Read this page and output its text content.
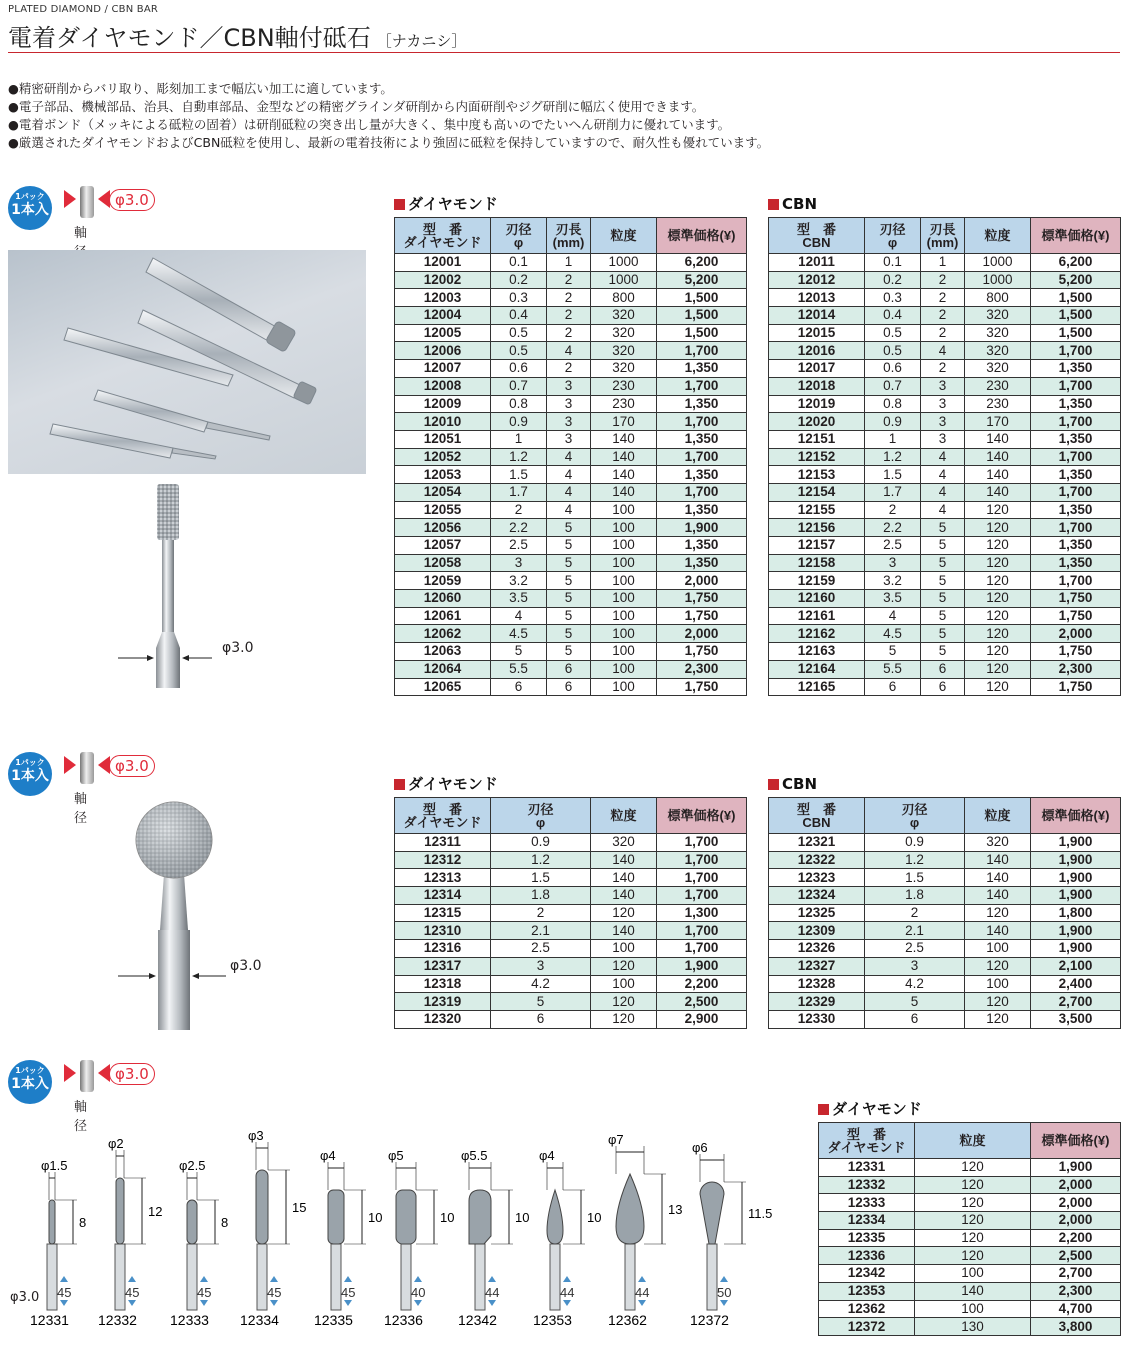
PLATED DIAMOND / CBN BAR
電着ダイヤモンド／CBN軸付砥石 ［ナカニシ］
●精密研削からバリ取り、彫刻加工まで幅広い加工に適しています。
●電子部品、機械部品、治具、自動車部品、金型などの精密グラインダ研削から内面研削やジグ研削に幅広く使用できます。
●電着ボンド（メッキによる砥粒の固着）は研削砥粒の突き出し量が大きく、集中度も高いのでたいへん研削力に優れています。
●厳選されたダイヤモンドおよびCBN砥粒を使用し、最新の電着技術により強固に砥粒を保持していますので、耐久性も優れています。
1パック
1本入
φ3.0
軸
1パック
1本入
φ3.0
軸径
1パック
1本入
φ3.0
軸径
φ3.0
φ3.0
ダイヤモンド
型　番
ダイヤモンド	刃径
φ	刃長
(mm)	粒度	標準価格(¥)
12001	0.1	1	1000	6,200
12002	0.2	2	1000	5,200
12003	0.3	2	800	1,500
12004	0.4	2	320	1,500
12005	0.5	2	320	1,500
12006	0.5	4	320	1,700
12007	0.6	2	320	1,350
12008	0.7	3	230	1,700
12009	0.8	3	230	1,350
12010	0.9	3	170	1,700
12051	1	3	140	1,350
12052	1.2	4	140	1,700
12053	1.5	4	140	1,350
12054	1.7	4	140	1,700
12055	2	4	100	1,350
12056	2.2	5	100	1,900
12057	2.5	5	100	1,350
12058	3	5	100	1,350
12059	3.2	5	100	2,000
12060	3.5	5	100	1,750
12061	4	5	100	1,750
12062	4.5	5	100	2,000
12063	5	5	100	1,750
12064	5.5	6	100	2,300
12065	6	6	100	1,750
CBN
型　番
CBN	刃径
φ	刃長
(mm)	粒度	標準価格(¥)
12011	0.1	1	1000	6,200
12012	0.2	2	1000	5,200
12013	0.3	2	800	1,500
12014	0.4	2	320	1,500
12015	0.5	2	320	1,500
12016	0.5	4	320	1,700
12017	0.6	2	320	1,350
12018	0.7	3	230	1,700
12019	0.8	3	230	1,350
12020	0.9	3	170	1,700
12151	1	3	140	1,350
12152	1.2	4	140	1,700
12153	1.5	4	140	1,350
12154	1.7	4	140	1,700
12155	2	4	120	1,350
12156	2.2	5	120	1,700
12157	2.5	5	120	1,350
12158	3	5	120	1,350
12159	3.2	5	120	1,700
12160	3.5	5	120	1,750
12161	4	5	120	1,750
12162	4.5	5	120	2,000
12163	5	5	120	1,750
12164	5.5	6	120	2,300
12165	6	6	120	1,750
ダイヤモンド
型　番
ダイヤモンド	刃径
φ	粒度	標準価格(¥)
12311	0.9	320	1,700
12312	1.2	140	1,700
12313	1.5	140	1,700
12314	1.8	140	1,700
12315	2	120	1,300
12310	2.1	140	1,700
12316	2.5	100	1,700
12317	3	120	1,900
12318	4.2	100	2,200
12319	5	120	2,500
12320	6	120	2,900
CBN
型　番
CBN	刃径
φ	粒度	標準価格(¥)
12321	0.9	320	1,900
12322	1.2	140	1,900
12323	1.5	140	1,900
12324	1.8	140	1,900
12325	2	120	1,800
12309	2.1	140	1,900
12326	2.5	100	1,900
12327	3	120	2,100
12328	4.2	100	2,400
12329	5	120	2,700
12330	6	120	3,500
ダイヤモンド
型　番
ダイヤモンド	粒度	標準価格(¥)
12331	120	1,900
12332	120	2,000
12333	120	2,000
12334	120	2,000
12335	120	2,200
12336	120	2,500
12342	100	2,700
12353	140	2,300
12362	100	4,700
12372	130	3,800
φ1.5
8
45
12331
φ2
12
45
12332
φ2.5
8
45
12333
φ3
15
45
12334
φ4
10
45
12335
φ5
10
40
12336
φ5.5
10
44
12342
φ4
10
44
12353
φ7
13
44
12362
φ6
11.5
50
12372
φ3.0
